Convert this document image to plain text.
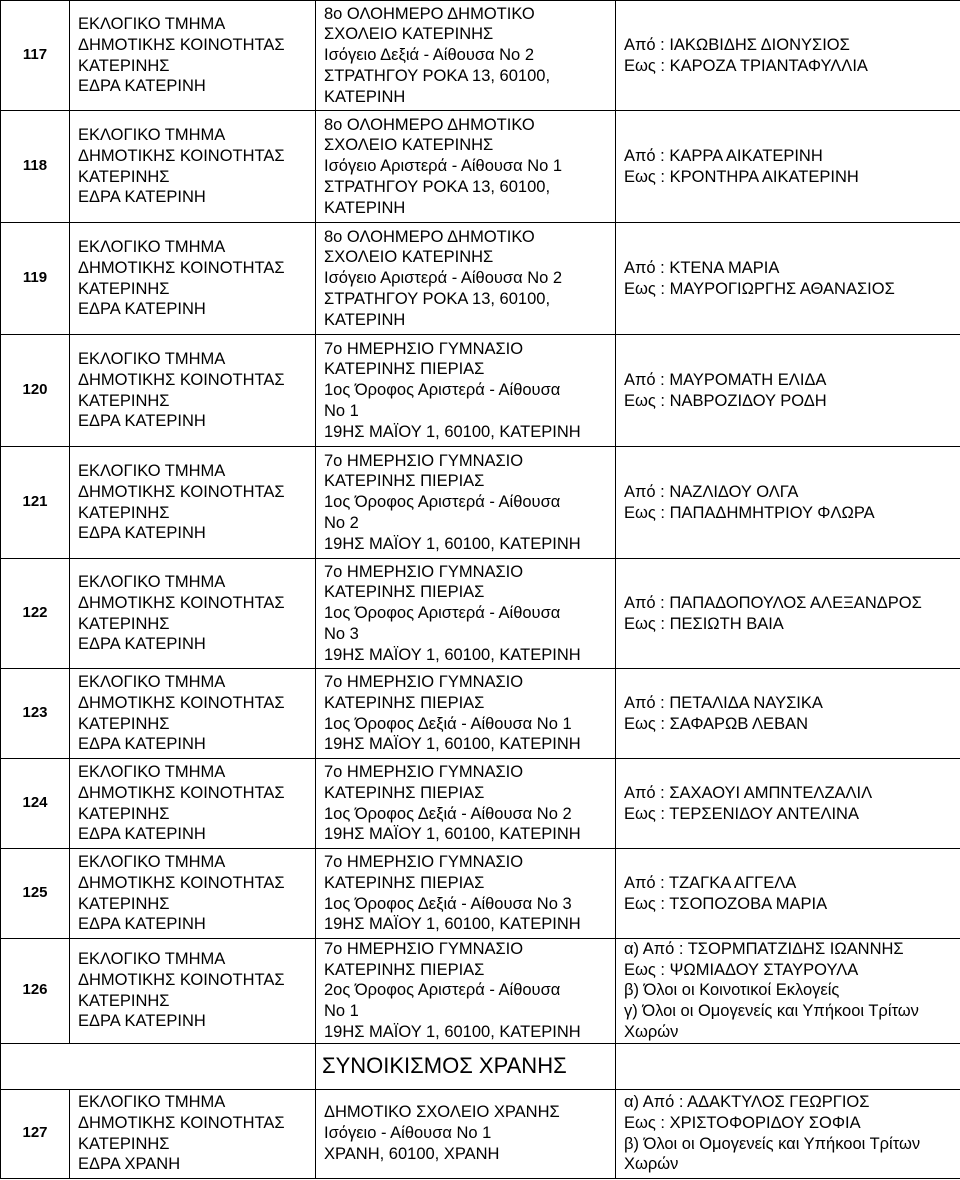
117	ΕΚΛΟΓΙΚΟ ΤΜΗΜΑ
ΔΗΜΟΤΙΚΗΣ ΚΟΙΝΟΤΗΤΑΣ
ΚΑΤΕΡΙΝΗΣ
ΕΔΡΑ ΚΑΤΕΡΙΝΗ	8ο ΟΛΟΗΜΕΡΟ ΔΗΜΟΤΙΚΟ
ΣΧΟΛΕΙΟ ΚΑΤΕΡΙΝΗΣ
Ισόγειο Δεξιά - Αίθουσα Νο 2
ΣΤΡΑΤΗΓΟΥ ΡΟΚΑ 13, 60100,
ΚΑΤΕΡΙΝΗ	Από : ΙΑΚΩΒΙΔΗΣ ΔΙΟΝΥΣΙΟΣ
Εως : ΚΑΡΟΖΑ ΤΡΙΑΝΤΑΦΥΛΛΙΑ

118	ΕΚΛΟΓΙΚΟ ΤΜΗΜΑ
ΔΗΜΟΤΙΚΗΣ ΚΟΙΝΟΤΗΤΑΣ
ΚΑΤΕΡΙΝΗΣ
ΕΔΡΑ ΚΑΤΕΡΙΝΗ	8ο ΟΛΟΗΜΕΡΟ ΔΗΜΟΤΙΚΟ
ΣΧΟΛΕΙΟ ΚΑΤΕΡΙΝΗΣ
Ισόγειο Αριστερά - Αίθουσα Νο 1
ΣΤΡΑΤΗΓΟΥ ΡΟΚΑ 13, 60100,
ΚΑΤΕΡΙΝΗ	Από : ΚΑΡΡΑ ΑΙΚΑΤΕΡΙΝΗ
Εως : ΚΡΟΝΤΗΡΑ ΑΙΚΑΤΕΡΙΝΗ

119	ΕΚΛΟΓΙΚΟ ΤΜΗΜΑ
ΔΗΜΟΤΙΚΗΣ ΚΟΙΝΟΤΗΤΑΣ
ΚΑΤΕΡΙΝΗΣ
ΕΔΡΑ ΚΑΤΕΡΙΝΗ	8ο ΟΛΟΗΜΕΡΟ ΔΗΜΟΤΙΚΟ
ΣΧΟΛΕΙΟ ΚΑΤΕΡΙΝΗΣ
Ισόγειο Αριστερά - Αίθουσα Νο 2
ΣΤΡΑΤΗΓΟΥ ΡΟΚΑ 13, 60100,
ΚΑΤΕΡΙΝΗ	Από : ΚΤΕΝΑ ΜΑΡΙΑ
Εως : ΜΑΥΡΟΓΙΩΡΓΗΣ ΑΘΑΝΑΣΙΟΣ

120	ΕΚΛΟΓΙΚΟ ΤΜΗΜΑ
ΔΗΜΟΤΙΚΗΣ ΚΟΙΝΟΤΗΤΑΣ
ΚΑΤΕΡΙΝΗΣ
ΕΔΡΑ ΚΑΤΕΡΙΝΗ	7ο ΗΜΕΡΗΣΙΟ ΓΥΜΝΑΣΙΟ
ΚΑΤΕΡΙΝΗΣ ΠΙΕΡΙΑΣ
1ος Όροφος Αριστερά - Αίθουσα
Νο 1
19ΗΣ ΜΑΪΟΥ 1, 60100, ΚΑΤΕΡΙΝΗ	Από : ΜΑΥΡΟΜΑΤΗ ΕΛΙΔΑ
Εως : ΝΑΒΡΟΖΙΔΟΥ ΡΟΔΗ

121	ΕΚΛΟΓΙΚΟ ΤΜΗΜΑ
ΔΗΜΟΤΙΚΗΣ ΚΟΙΝΟΤΗΤΑΣ
ΚΑΤΕΡΙΝΗΣ
ΕΔΡΑ ΚΑΤΕΡΙΝΗ	7ο ΗΜΕΡΗΣΙΟ ΓΥΜΝΑΣΙΟ
ΚΑΤΕΡΙΝΗΣ ΠΙΕΡΙΑΣ
1ος Όροφος Αριστερά - Αίθουσα
Νο 2
19ΗΣ ΜΑΪΟΥ 1, 60100, ΚΑΤΕΡΙΝΗ	Από : ΝΑΖΛΙΔΟΥ ΟΛΓΑ
Εως : ΠΑΠΑΔΗΜΗΤΡΙΟΥ ΦΛΩΡΑ

122	ΕΚΛΟΓΙΚΟ ΤΜΗΜΑ
ΔΗΜΟΤΙΚΗΣ ΚΟΙΝΟΤΗΤΑΣ
ΚΑΤΕΡΙΝΗΣ
ΕΔΡΑ ΚΑΤΕΡΙΝΗ	7ο ΗΜΕΡΗΣΙΟ ΓΥΜΝΑΣΙΟ
ΚΑΤΕΡΙΝΗΣ ΠΙΕΡΙΑΣ
1ος Όροφος Αριστερά - Αίθουσα
Νο 3
19ΗΣ ΜΑΪΟΥ 1, 60100, ΚΑΤΕΡΙΝΗ	Από : ΠΑΠΑΔΟΠΟΥΛΟΣ ΑΛΕΞΑΝΔΡΟΣ
Εως : ΠΕΣΙΩΤΗ ΒΑΙΑ

123	ΕΚΛΟΓΙΚΟ ΤΜΗΜΑ
ΔΗΜΟΤΙΚΗΣ ΚΟΙΝΟΤΗΤΑΣ
ΚΑΤΕΡΙΝΗΣ
ΕΔΡΑ ΚΑΤΕΡΙΝΗ	7ο ΗΜΕΡΗΣΙΟ ΓΥΜΝΑΣΙΟ
ΚΑΤΕΡΙΝΗΣ ΠΙΕΡΙΑΣ
1ος Όροφος Δεξιά - Αίθουσα Νο 1
19ΗΣ ΜΑΪΟΥ 1, 60100, ΚΑΤΕΡΙΝΗ	Από : ΠΕΤΑΛΙΔΑ ΝΑΥΣΙΚΑ
Εως : ΣΑΦΑΡΩΒ ΛΕΒΑΝ

124	ΕΚΛΟΓΙΚΟ ΤΜΗΜΑ
ΔΗΜΟΤΙΚΗΣ ΚΟΙΝΟΤΗΤΑΣ
ΚΑΤΕΡΙΝΗΣ
ΕΔΡΑ ΚΑΤΕΡΙΝΗ	7ο ΗΜΕΡΗΣΙΟ ΓΥΜΝΑΣΙΟ
ΚΑΤΕΡΙΝΗΣ ΠΙΕΡΙΑΣ
1ος Όροφος Δεξιά - Αίθουσα Νο 2
19ΗΣ ΜΑΪΟΥ 1, 60100, ΚΑΤΕΡΙΝΗ	Από : ΣΑΧΑΟΥΙ ΑΜΠΝΤΕΛΖΑΛΙΛ
Εως : ΤΕΡΣΕΝΙΔΟΥ ΑΝΤΕΛΙΝΑ

125	ΕΚΛΟΓΙΚΟ ΤΜΗΜΑ
ΔΗΜΟΤΙΚΗΣ ΚΟΙΝΟΤΗΤΑΣ
ΚΑΤΕΡΙΝΗΣ
ΕΔΡΑ ΚΑΤΕΡΙΝΗ	7ο ΗΜΕΡΗΣΙΟ ΓΥΜΝΑΣΙΟ
ΚΑΤΕΡΙΝΗΣ ΠΙΕΡΙΑΣ
1ος Όροφος Δεξιά - Αίθουσα Νο 3
19ΗΣ ΜΑΪΟΥ 1, 60100, ΚΑΤΕΡΙΝΗ	Από : ΤΖΑΓΚΑ ΑΓΓΕΛΑ
Εως : ΤΣΟΠΟΖΟΒΑ ΜΑΡΙΑ

126	ΕΚΛΟΓΙΚΟ ΤΜΗΜΑ
ΔΗΜΟΤΙΚΗΣ ΚΟΙΝΟΤΗΤΑΣ
ΚΑΤΕΡΙΝΗΣ
ΕΔΡΑ ΚΑΤΕΡΙΝΗ	7ο ΗΜΕΡΗΣΙΟ ΓΥΜΝΑΣΙΟ
ΚΑΤΕΡΙΝΗΣ ΠΙΕΡΙΑΣ
2ος Όροφος Αριστερά - Αίθουσα
Νο 1
19ΗΣ ΜΑΪΟΥ 1, 60100, ΚΑΤΕΡΙΝΗ	α) Από : ΤΣΟΡΜΠΑΤΖΙΔΗΣ ΙΩΑΝΝΗΣ
Εως : ΨΩΜΙΑΔΟΥ ΣΤΑΥΡΟΥΛΑ
β) Όλοι οι Κοινοτικοί Εκλογείς
γ) Όλοι οι Ομογενείς και Υπήκοοι Τρίτων Χωρών

		ΣΥΝΟΙΚΙΣΜΟΣ ΧΡΑΝΗΣ	
127	ΕΚΛΟΓΙΚΟ ΤΜΗΜΑ
ΔΗΜΟΤΙΚΗΣ ΚΟΙΝΟΤΗΤΑΣ
ΚΑΤΕΡΙΝΗΣ
ΕΔΡΑ ΧΡΑΝΗ	ΔΗΜΟΤΙΚΟ ΣΧΟΛΕΙΟ ΧΡΑΝΗΣ
Ισόγειο - Αίθουσα Νο 1
ΧΡΑΝΗ, 60100, ΧΡΑΝΗ	α) Από : ΑΔΑΚΤΥΛΟΣ ΓΕΩΡΓΙΟΣ
Εως : ΧΡΙΣΤΟΦΟΡΙΔΟΥ ΣΟΦΙΑ
β) Όλοι οι Ομογενείς και Υπήκοοι Τρίτων Χωρών
